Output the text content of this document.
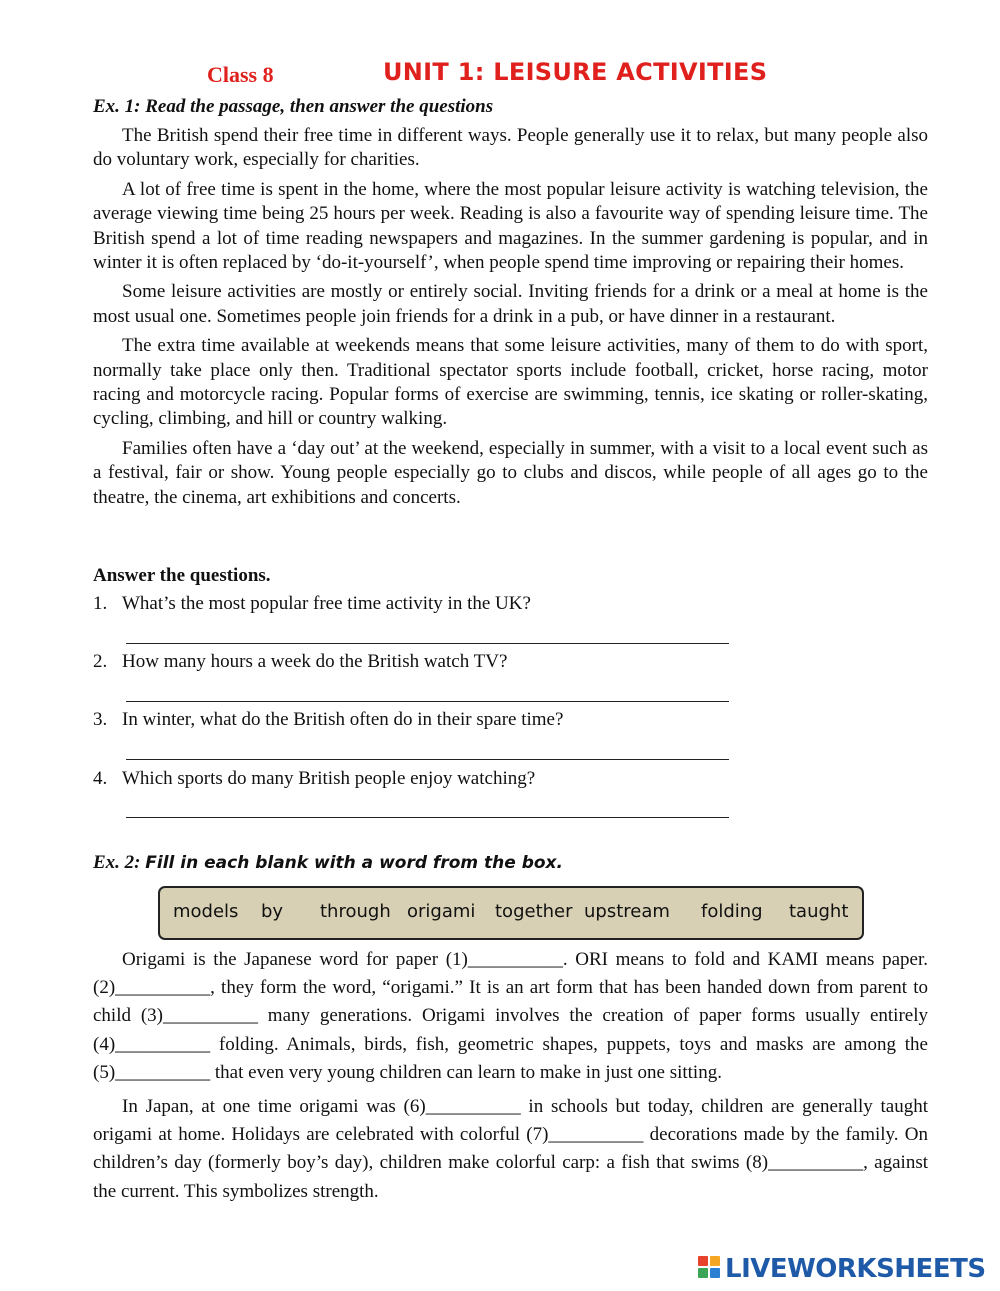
Class 8	UNIT 1: LEISURE ACTIVITIES
Ex. 1: Read the passage, then answer the questions

The British spend their free time in different ways. People generally use it to relax, but many people also do voluntary work, especially for charities.

A lot of free time is spent in the home, where the most popular leisure activity is watching television, the average viewing time being 25 hours per week. Reading is also a favourite way of spending leisure time. The British spend a lot of time reading newspapers and magazines. In the summer gardening is popular, and in winter it is often replaced by ‘do-it-yourself’, when people spend time improving or repairing their homes.

Some leisure activities are mostly or entirely social. Inviting friends for a drink or a meal at home is the most usual one. Sometimes people join friends for a drink in a pub, or have dinner in a restaurant.

The extra time available at weekends means that some leisure activities, many of them to do with sport, normally take place only then. Traditional spectator sports include football, cricket, horse racing, motor racing and motorcycle racing. Popular forms of exercise are swimming, tennis, ice skating or roller-skating, cycling, climbing, and hill or country walking.

Families often have a ‘day out’ at the weekend, especially in summer, with a visit to a local event such as a festival, fair or show. Young people especially go to clubs and discos, while people of all ages go to the theatre, the cinema, art exhibitions and concerts.

Answer the questions.
1. What’s the most popular free time activity in the UK?
2. How many hours a week do the British watch TV?
3. In winter, what do the British often do in their spare time?
4. Which sports do many British people enjoy watching?
Ex. 2: Fill in each blank with a word from the box.
models by through origami together upstream folding taught

Origami is the Japanese word for paper (1)__________. ORI means to fold and KAMI means paper. (2)__________, they form the word, “origami.” It is an art form that has been handed down from parent to child (3)__________ many generations. Origami involves the creation of paper forms usually entirely (4)__________ folding. Animals, birds, fish, geometric shapes, puppets, toys and masks are among the (5)__________ that even very young children can learn to make in just one sitting.

In Japan, at one time origami was (6)__________ in schools but today, children are generally taught origami at home. Holidays are celebrated with colorful (7)__________ decorations made by the family. On children’s day (formerly boy’s day), children make colorful carp: a fish that swims (8)__________, against the current. This symbolizes strength.

LIVEWORKSHEETS
